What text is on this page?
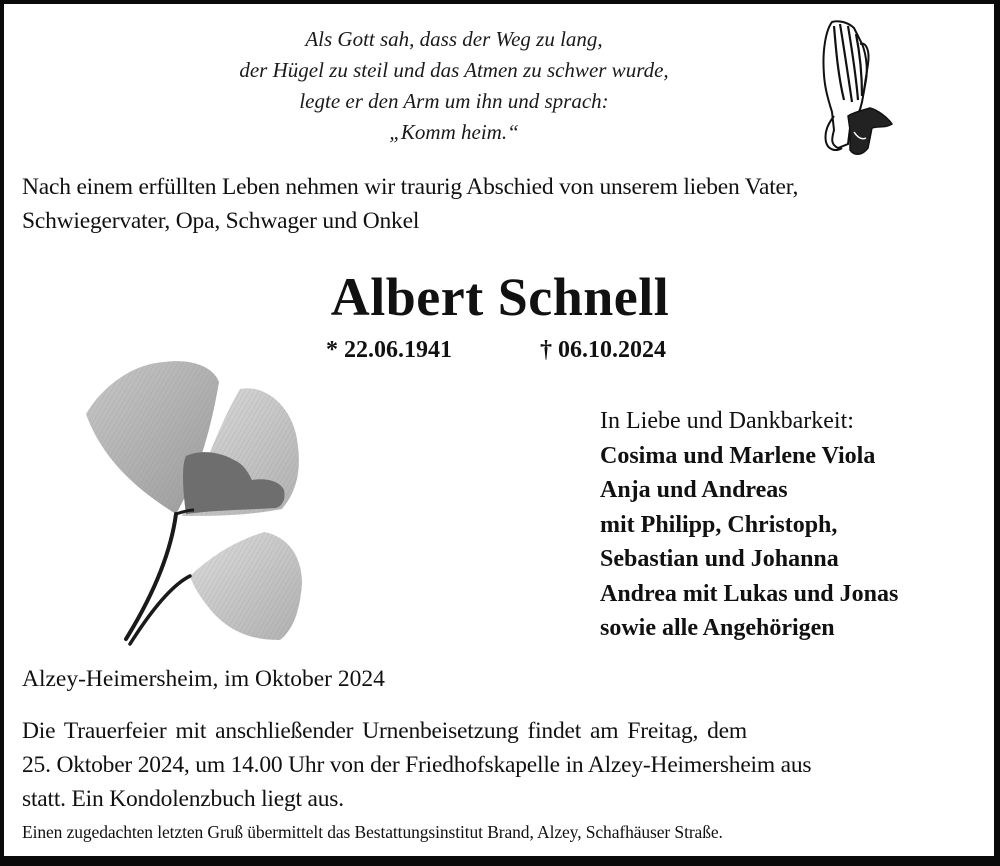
Als Gott sah, dass der Weg zu lang,
der Hügel zu steil und das Atmen zu schwer wurde,
legte er den Arm um ihn und sprach:
„Komm heim.“
Nach einem erfüllten Leben nehmen wir traurig Abschied von unserem lieben Vater,
Schwiegervater, Opa, Schwager und Onkel
Albert Schnell
* 22.06.1941	† 06.10.2024
In Liebe und Dankbarkeit:
Cosima und Marlene Viola
Anja und Andreas
mit Philipp, Christoph,
Sebastian und Johanna
Andrea mit Lukas und Jonas
sowie alle Angehörigen
Alzey-Heimersheim, im Oktober 2024
Die Trauerfeier mit anschließender Urnenbeisetzung findet am Freitag, dem
25. Oktober 2024, um 14.00 Uhr von der Friedhofskapelle in Alzey-Heimersheim aus
statt. Ein Kondolenzbuch liegt aus.
Einen zugedachten letzten Gruß übermittelt das Bestattungsinstitut Brand, Alzey, Schafhäuser Straße.
